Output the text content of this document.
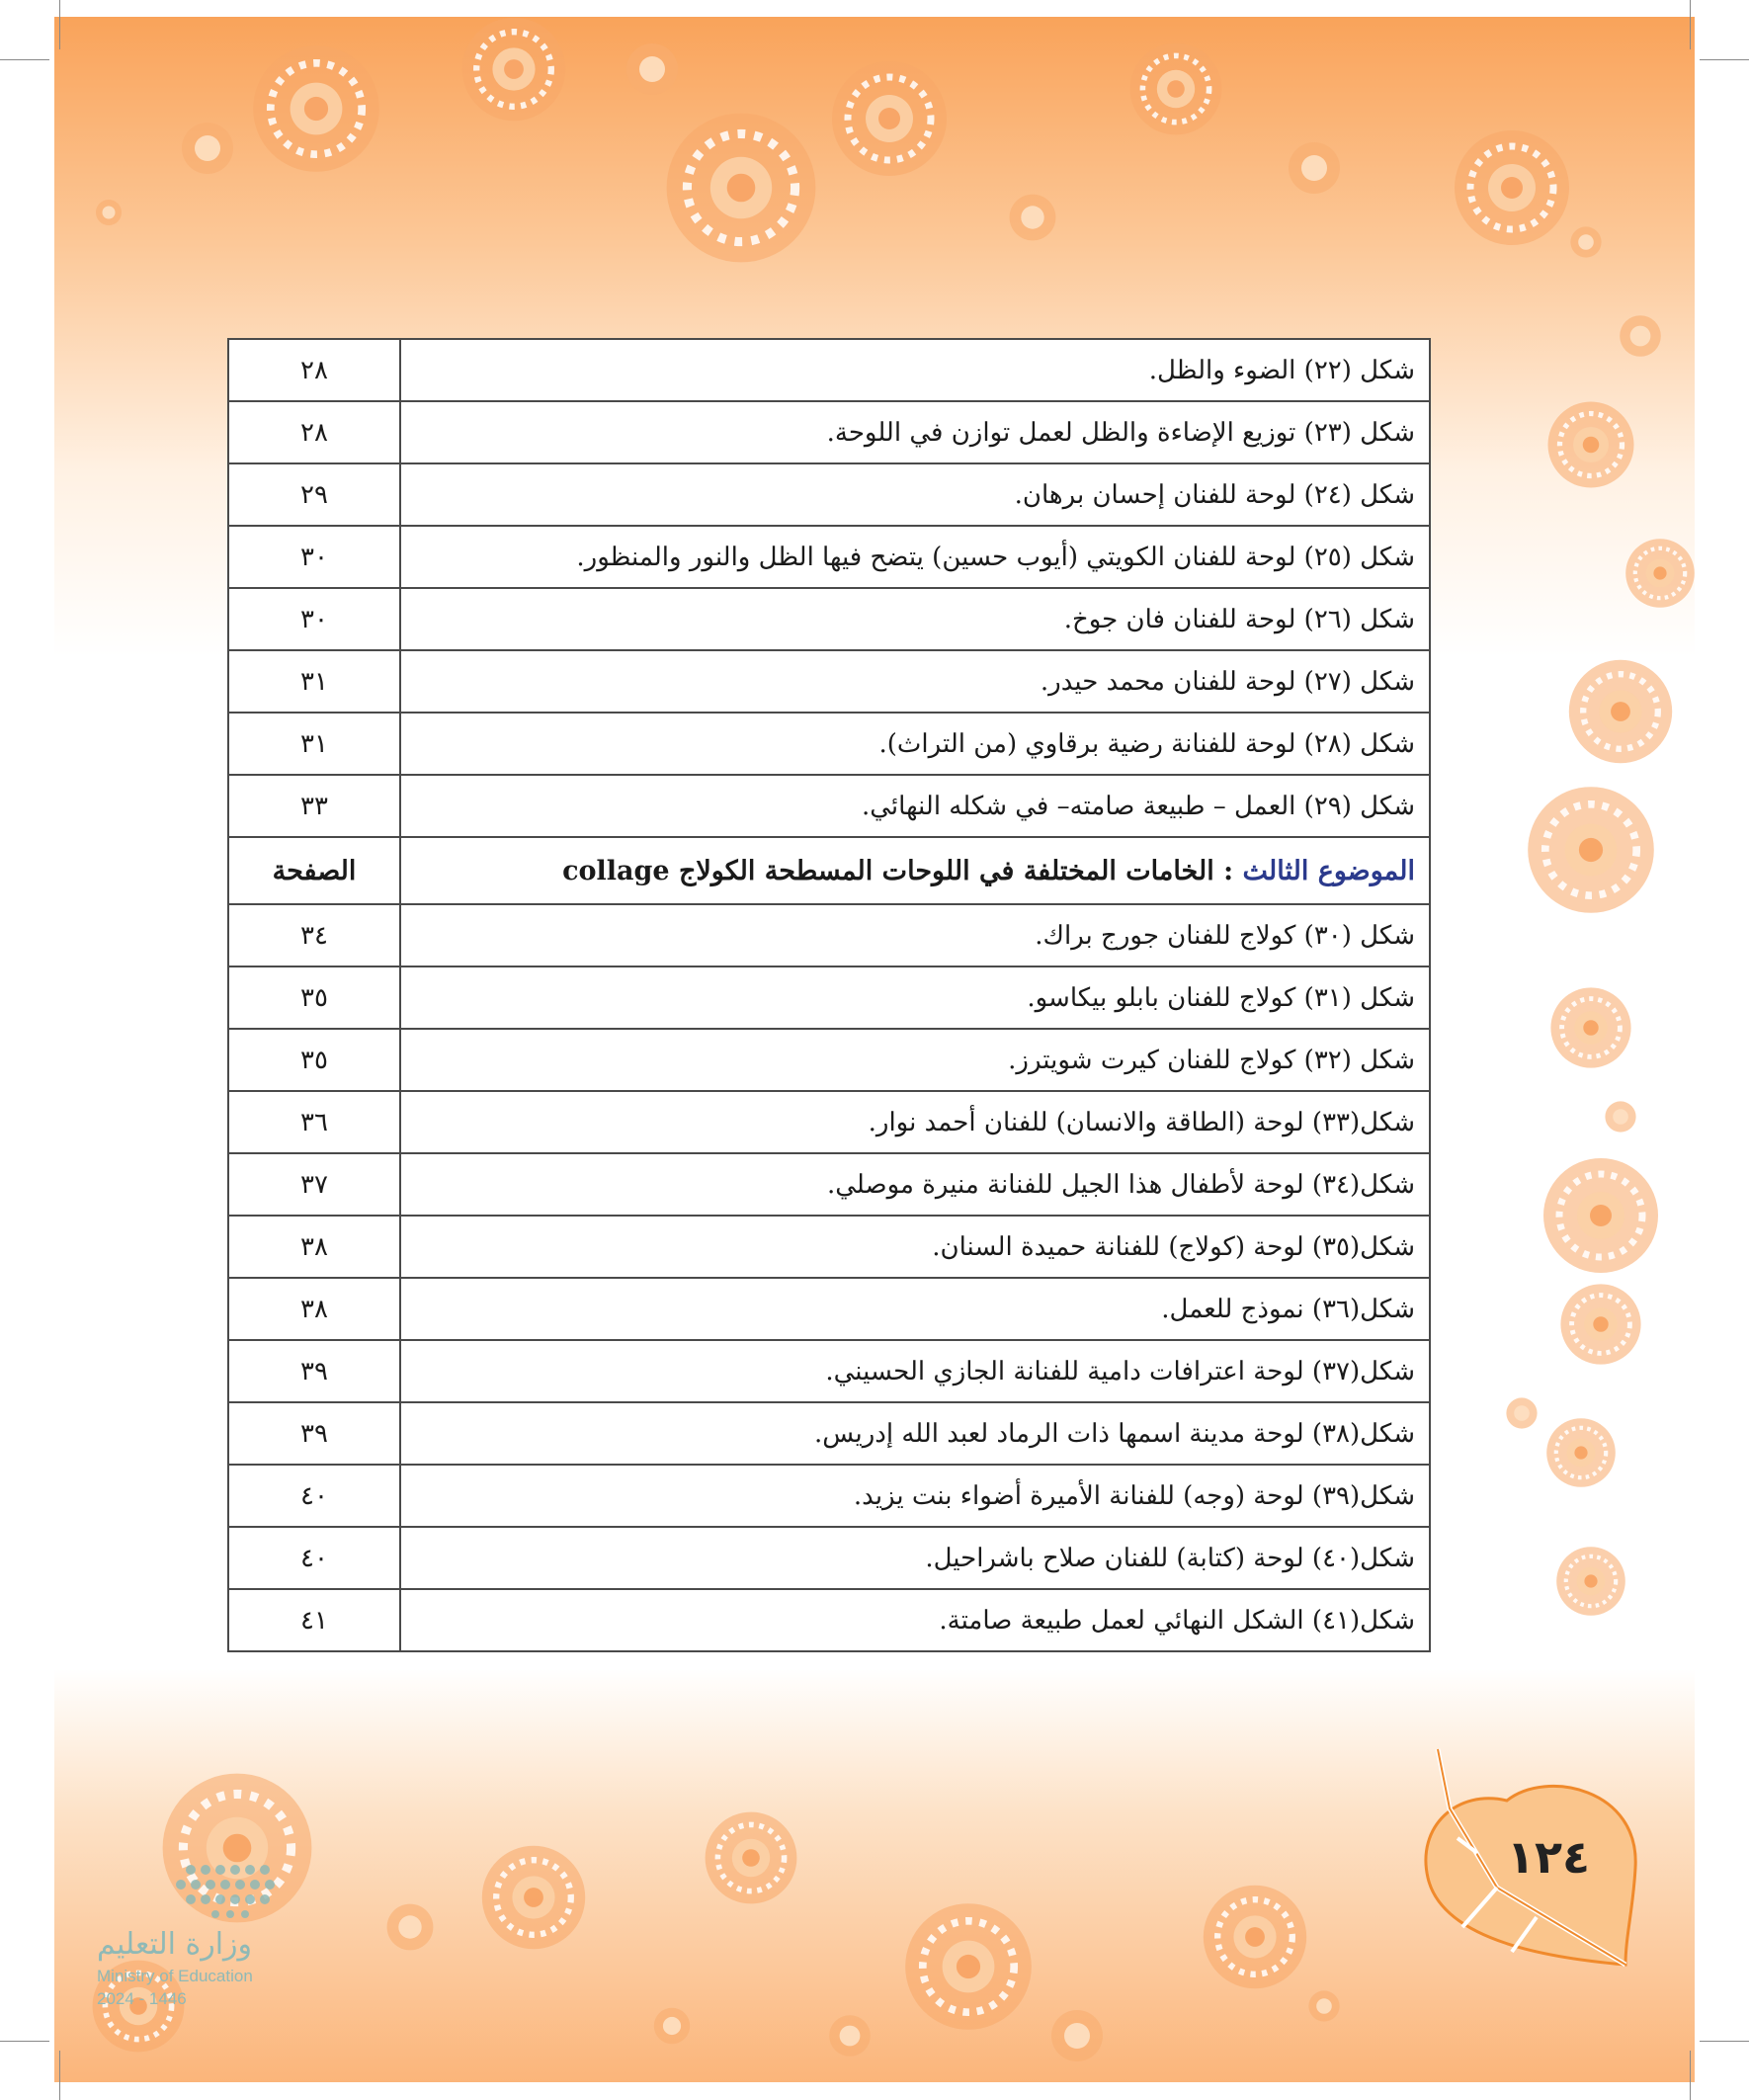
شكل (٢٢) الضوء والظل.	٢٨
شكل (٢٣) توزيع الإضاءة والظل لعمل توازن في اللوحة.	٢٨
شكل (٢٤) لوحة للفنان إحسان برهان.	٢٩
شكل (٢٥) لوحة للفنان الكويتي (أيوب حسين) يتضح فيها الظل والنور والمنظور.	٣٠
شكل (٢٦) لوحة للفنان فان جوخ.	٣٠
شكل (٢٧) لوحة للفنان محمد حيدر.	٣١
شكل (٢٨) لوحة للفنانة رضية برقاوي (من التراث).	٣١
شكل (٢٩) العمل – طبيعة صامته– في شكله النهائي.	٣٣
الموضوع الثالث : الخامات المختلفة في اللوحات المسطحة الكولاج collage	الصفحة
شكل (٣٠) كولاج للفنان جورج براك.	٣٤
شكل (٣١) كولاج للفنان بابلو بيكاسو.	٣٥
شكل (٣٢) كولاج للفنان كيرت شويترز.	٣٥
شكل(٣٣) لوحة (الطاقة والانسان) للفنان أحمد نوار.	٣٦
شكل(٣٤) لوحة لأطفال هذا الجيل للفنانة منيرة موصلي.	٣٧
شكل(٣٥) لوحة (كولاج) للفنانة حميدة السنان.	٣٨
شكل(٣٦) نموذج للعمل.	٣٨
شكل(٣٧) لوحة اعترافات دامية للفنانة الجازي الحسيني.	٣٩
شكل(٣٨) لوحة مدينة اسمها ذات الرماد لعبد الله إدريس.	٣٩
شكل(٣٩) لوحة (وجه) للفنانة الأميرة أضواء بنت يزيد.	٤٠
شكل(٤٠) لوحة (كتابة) للفنان صلاح باشراحيل.	٤٠
شكل(٤١) الشكل النهائي لعمل طبيعة صامتة.	٤١
١٢٤
وزارة التعليم
Ministry of Education
2024 - 1446
